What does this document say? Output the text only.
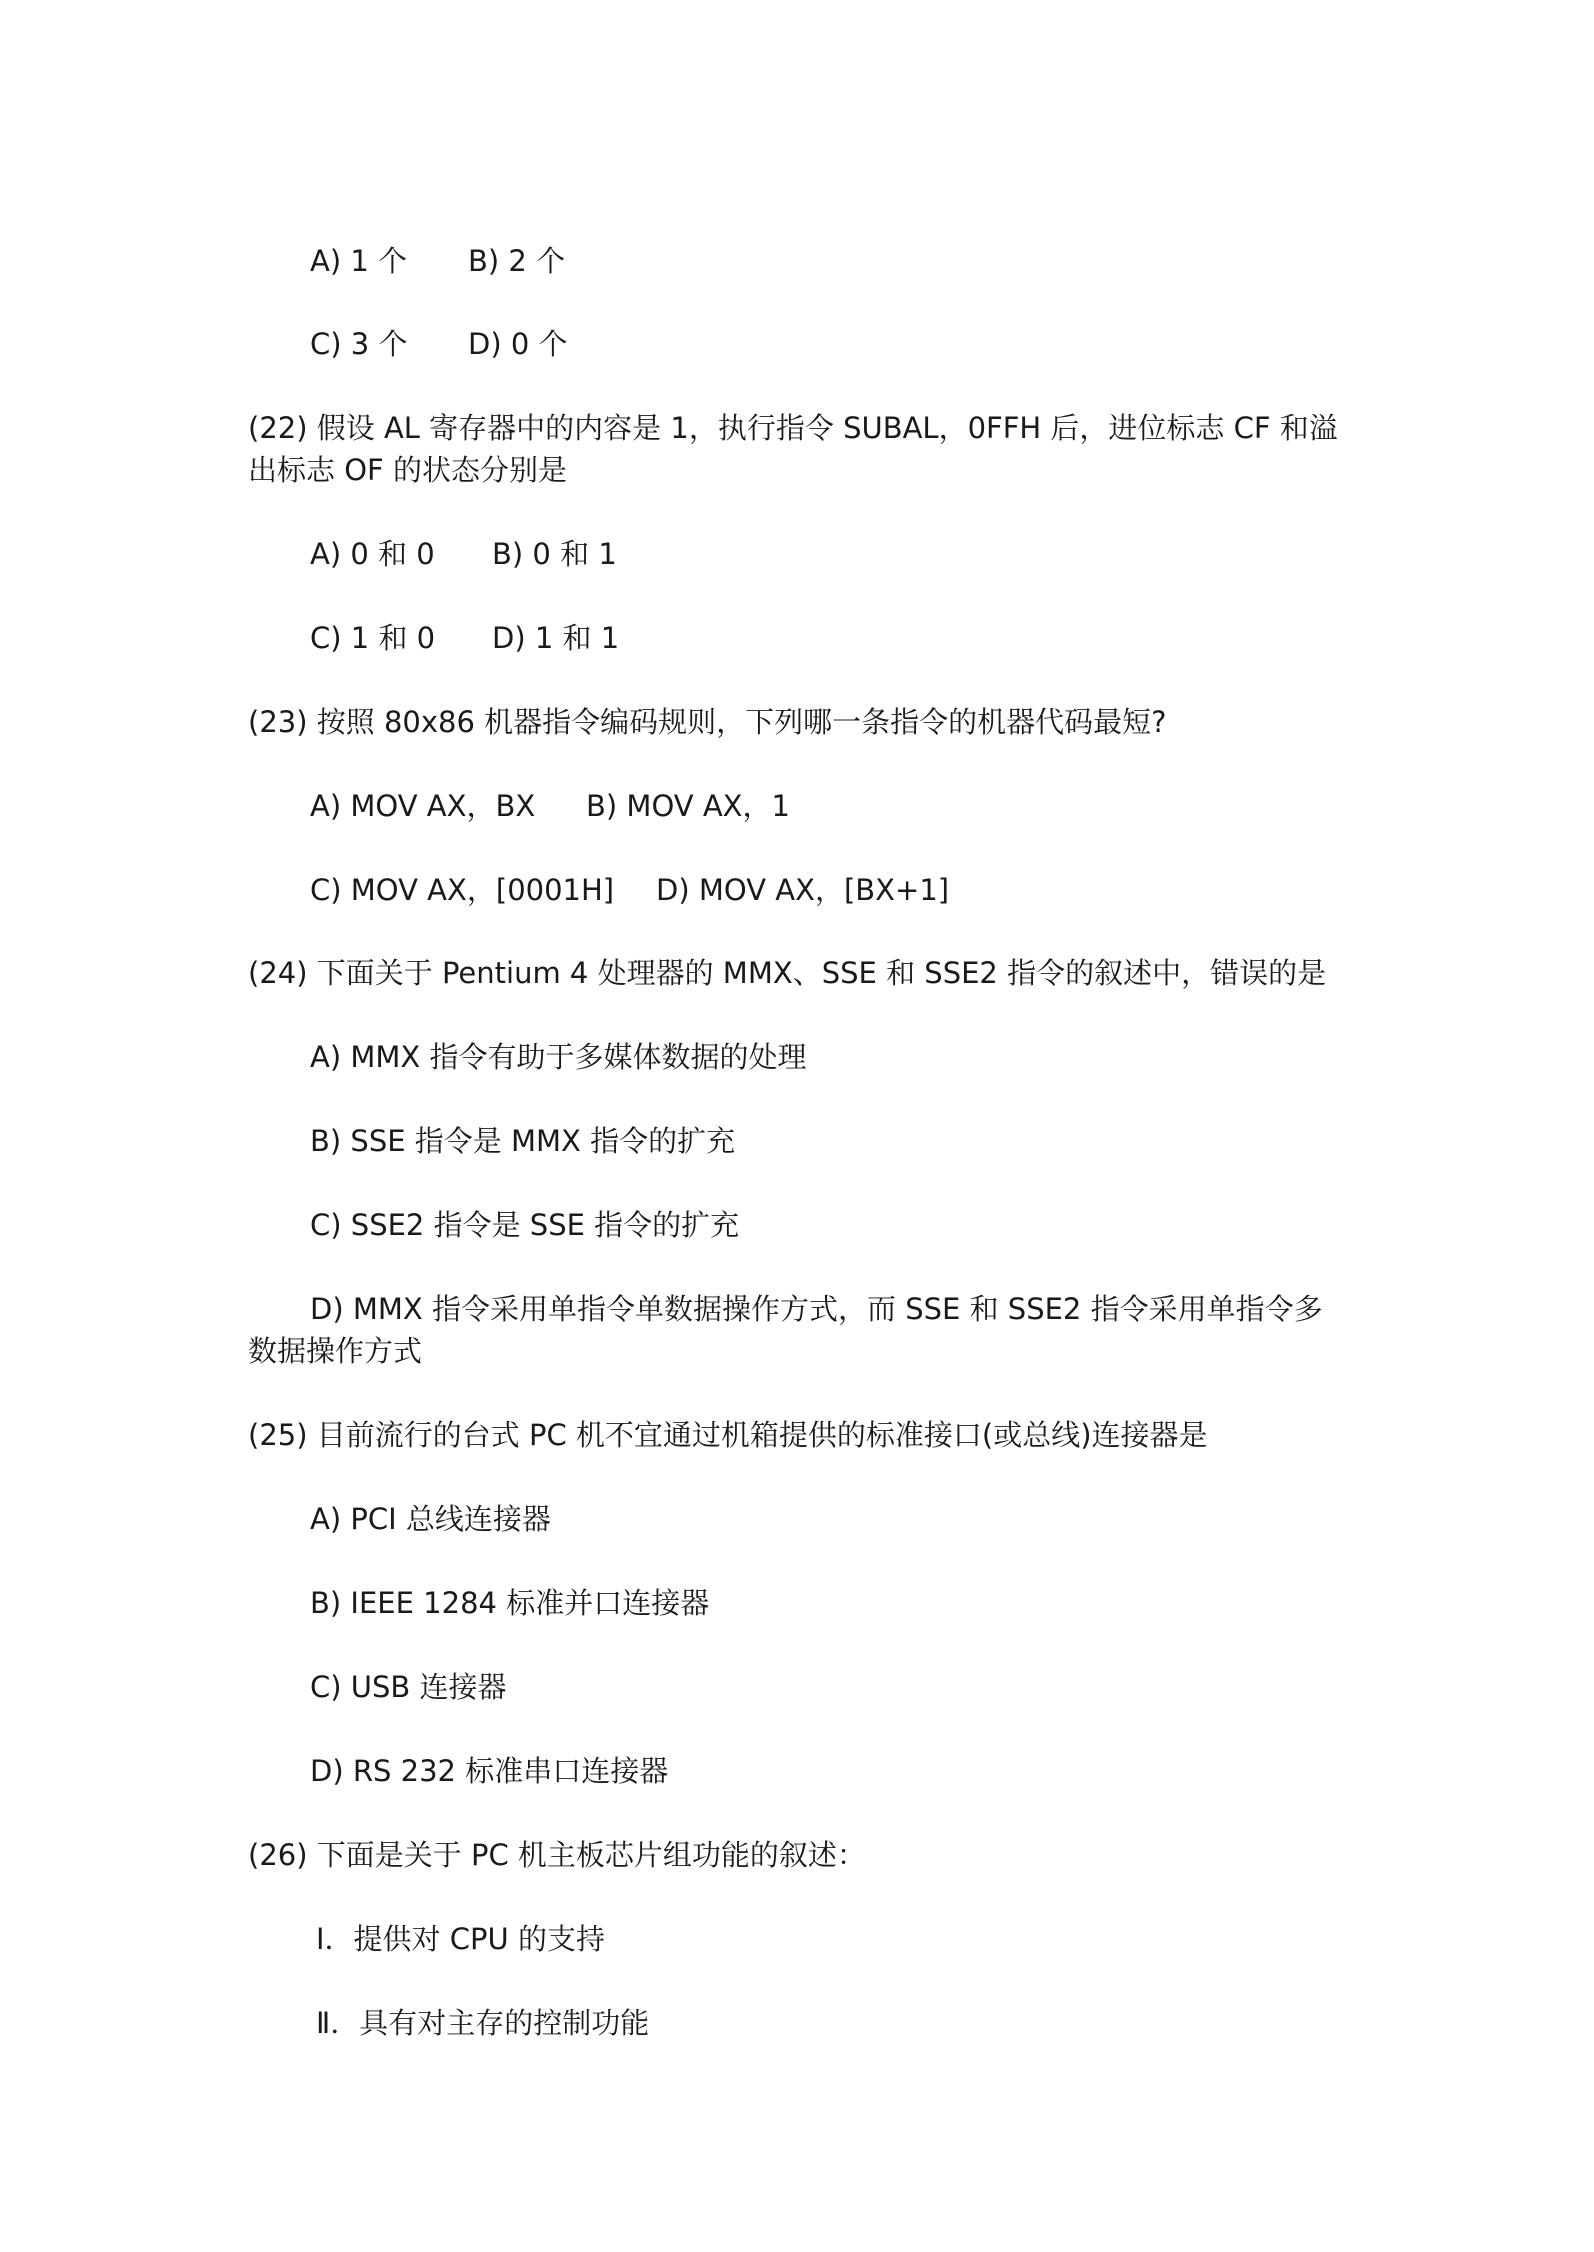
A) 1 个 B) 2 个
C) 3 个 D) 0 个
(22) 假设 AL 寄存器中的内容是 1，执行指令 SUBAL，0FFH 后，进位标志 CF 和溢
出标志 OF 的状态分别是
A) 0 和 0 B) 0 和 1
C) 1 和 0 D) 1 和 1
(23) 按照 80x86 机器指令编码规则，下列哪一条指令的机器代码最短?
A) MOV AX，BX B) MOV AX，1
C) MOV AX，[0001H] D) MOV AX，[BX+1]
(24) 下面关于 Pentium 4 处理器的 MMX、SSE 和 SSE2 指令的叙述中，错误的是
A) MMX 指令有助于多媒体数据的处理
B) SSE 指令是 MMX 指令的扩充
C) SSE2 指令是 SSE 指令的扩充
D) MMX 指令采用单指令单数据操作方式，而 SSE 和 SSE2 指令采用单指令多
数据操作方式
(25) 目前流行的台式 PC 机不宜通过机箱提供的标准接口(或总线)连接器是
A) PCI 总线连接器
B) IEEE 1284 标准并口连接器
C) USB 连接器
D) RS 232 标准串口连接器
(26) 下面是关于 PC 机主板芯片组功能的叙述：
Ⅰ．提供对 CPU 的支持
Ⅱ．具有对主存的控制功能
